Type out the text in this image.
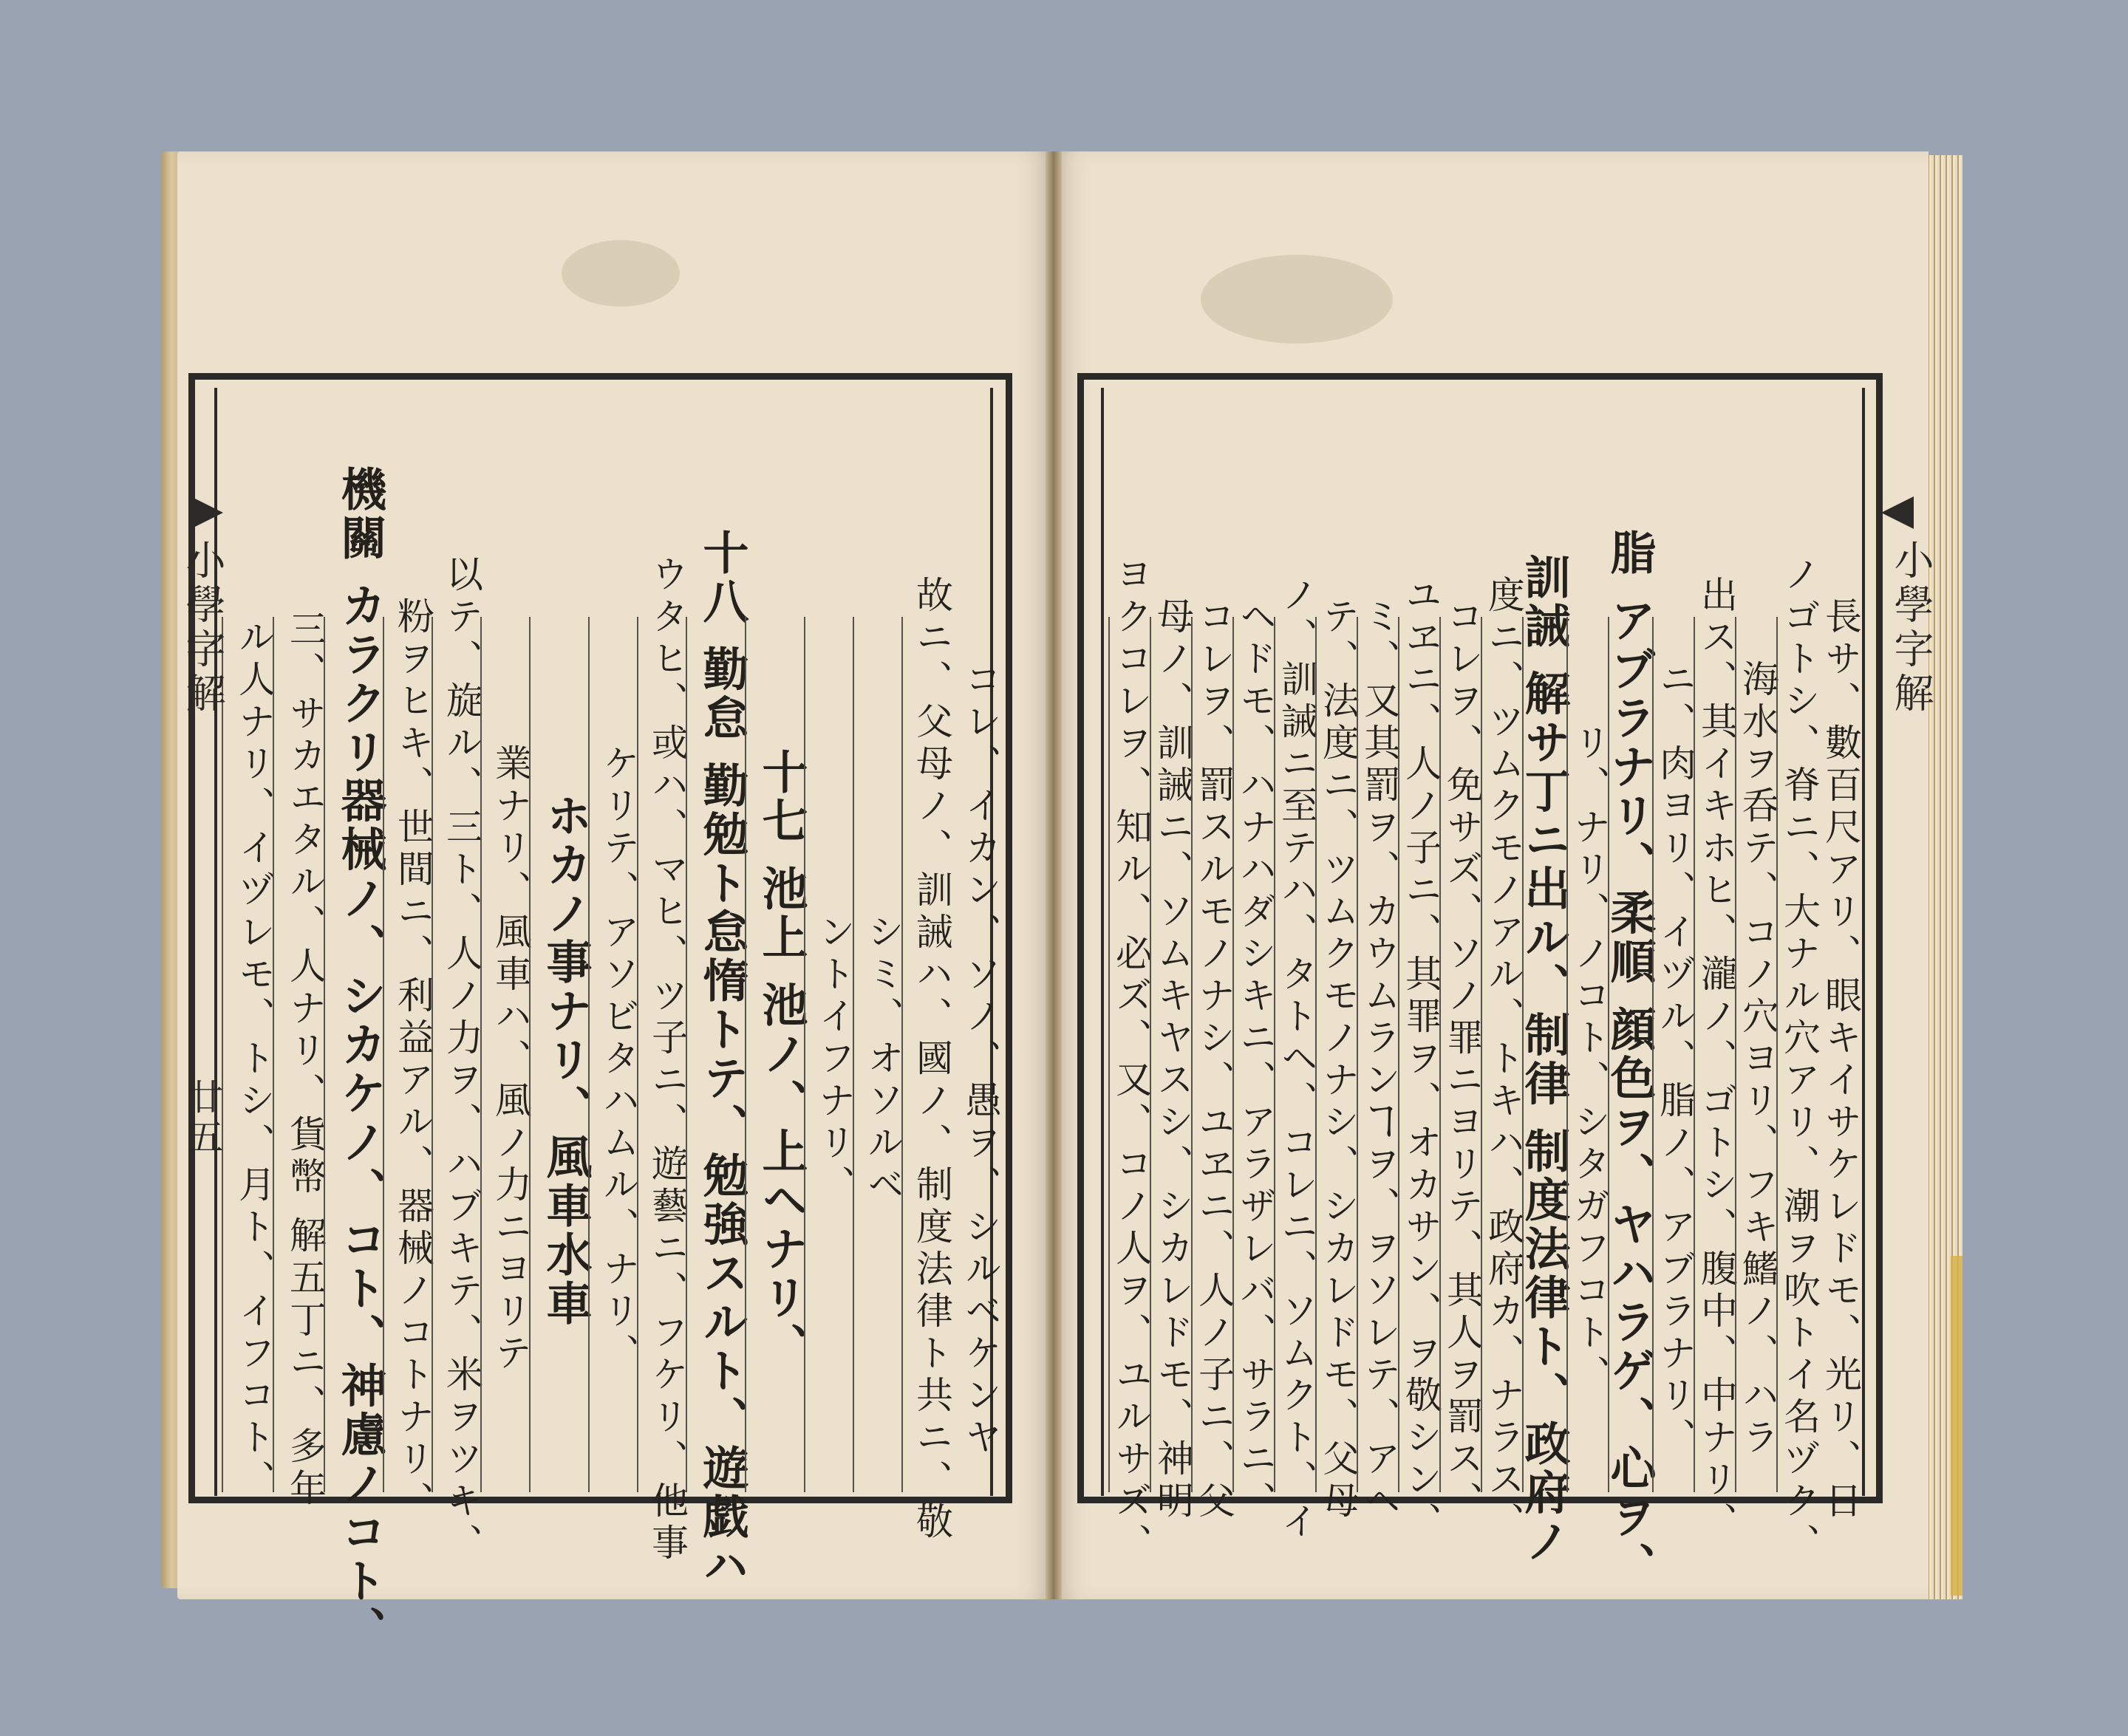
ル人ナリ、イヅレモ、トシ、月ト、イフコト、 三、サカエタル、人ナリ、貨幣 解五丁ニ、多年 機關 カラクリ器械ノ、シカケノ、コト、神慮ノコト、 粉ヲヒキ、世間ニ、利益アル、器械ノコトナリ、 以テ、旋ル、三ト、人ノ力ヲ、ハブキテ、米ヲツキ、 業ナリ、風車ハ、風ノ力ニヨリテ ホカノ事ナリ、風車水車 ケリテ、アソビタハムル、ナリ、 ウタヒ、或ハ、マヒ、ツ子ニ、遊藝ニ、フケリ、他事 十八 勤怠 勤勉ト怠惰トテ、勉強スルト、遊戯ハ 十七 池上 池ノ、上ヘナリ、 ントイフナリ、 シミ、オソルベ 故ニ、父母ノ、訓誡ハ、國ノ、制度法律ト共ニ、敬 コレ、イカン、ソノ、愚ヲ、シルベケンヤ
小學字解
廿五	ヨクコレヲ、知ル、必ズ、又、コノ人ヲ、ユルサズ、
母ノ、訓誡ニ、ソムキヤスシ、シカレドモ、神明
コレヲ、罰スルモノナシ、ユヱニ、人ノ子ニ、父
ヘドモ、ハナハダシキニ、アラザレバ、サラニ、
ノ、訓誡ニ至テハ、タトヘ、コレニ、ソムクト、イ
テ、法度ニ、ツムクモノナシ、シカレドモ、父母
ミ、又其罰ヲ、カウムランヿヲ、ヲソレテ、アヘ
ユヱニ、人ノ子ニ、其罪ヲ、オカサン、ヲ敬シン、
コレヲ、免サズ、ソノ罪ニヨリテ、其人ヲ罰ス、
度ニ、ツムクモノアル、トキハ、政府カ、ナラス、
訓誡 解サ丁ニ出ル、制律 制度法律ト、政府ノ
リ、ナリ、ノコト、シタガフコト、
脂 アブラナリ、柔順 顔色ヲ、ヤハラゲ、心ヲ、
ニ、肉ヨリ、イヅル、脂ノ、アブラナリ、
出ス、其イキホヒ、瀧ノ、ゴトシ、腹中、中ナリ、
海水ヲ呑テ、コノ穴ヨリ、フキ鰭ノ、ハラ
ノゴトシ、脊ニ、大ナル穴アリ、潮ヲ吹トイ名ヅク、
長サ、數百尺アリ、眼キイサケレドモ、光リ、日 小學字解
